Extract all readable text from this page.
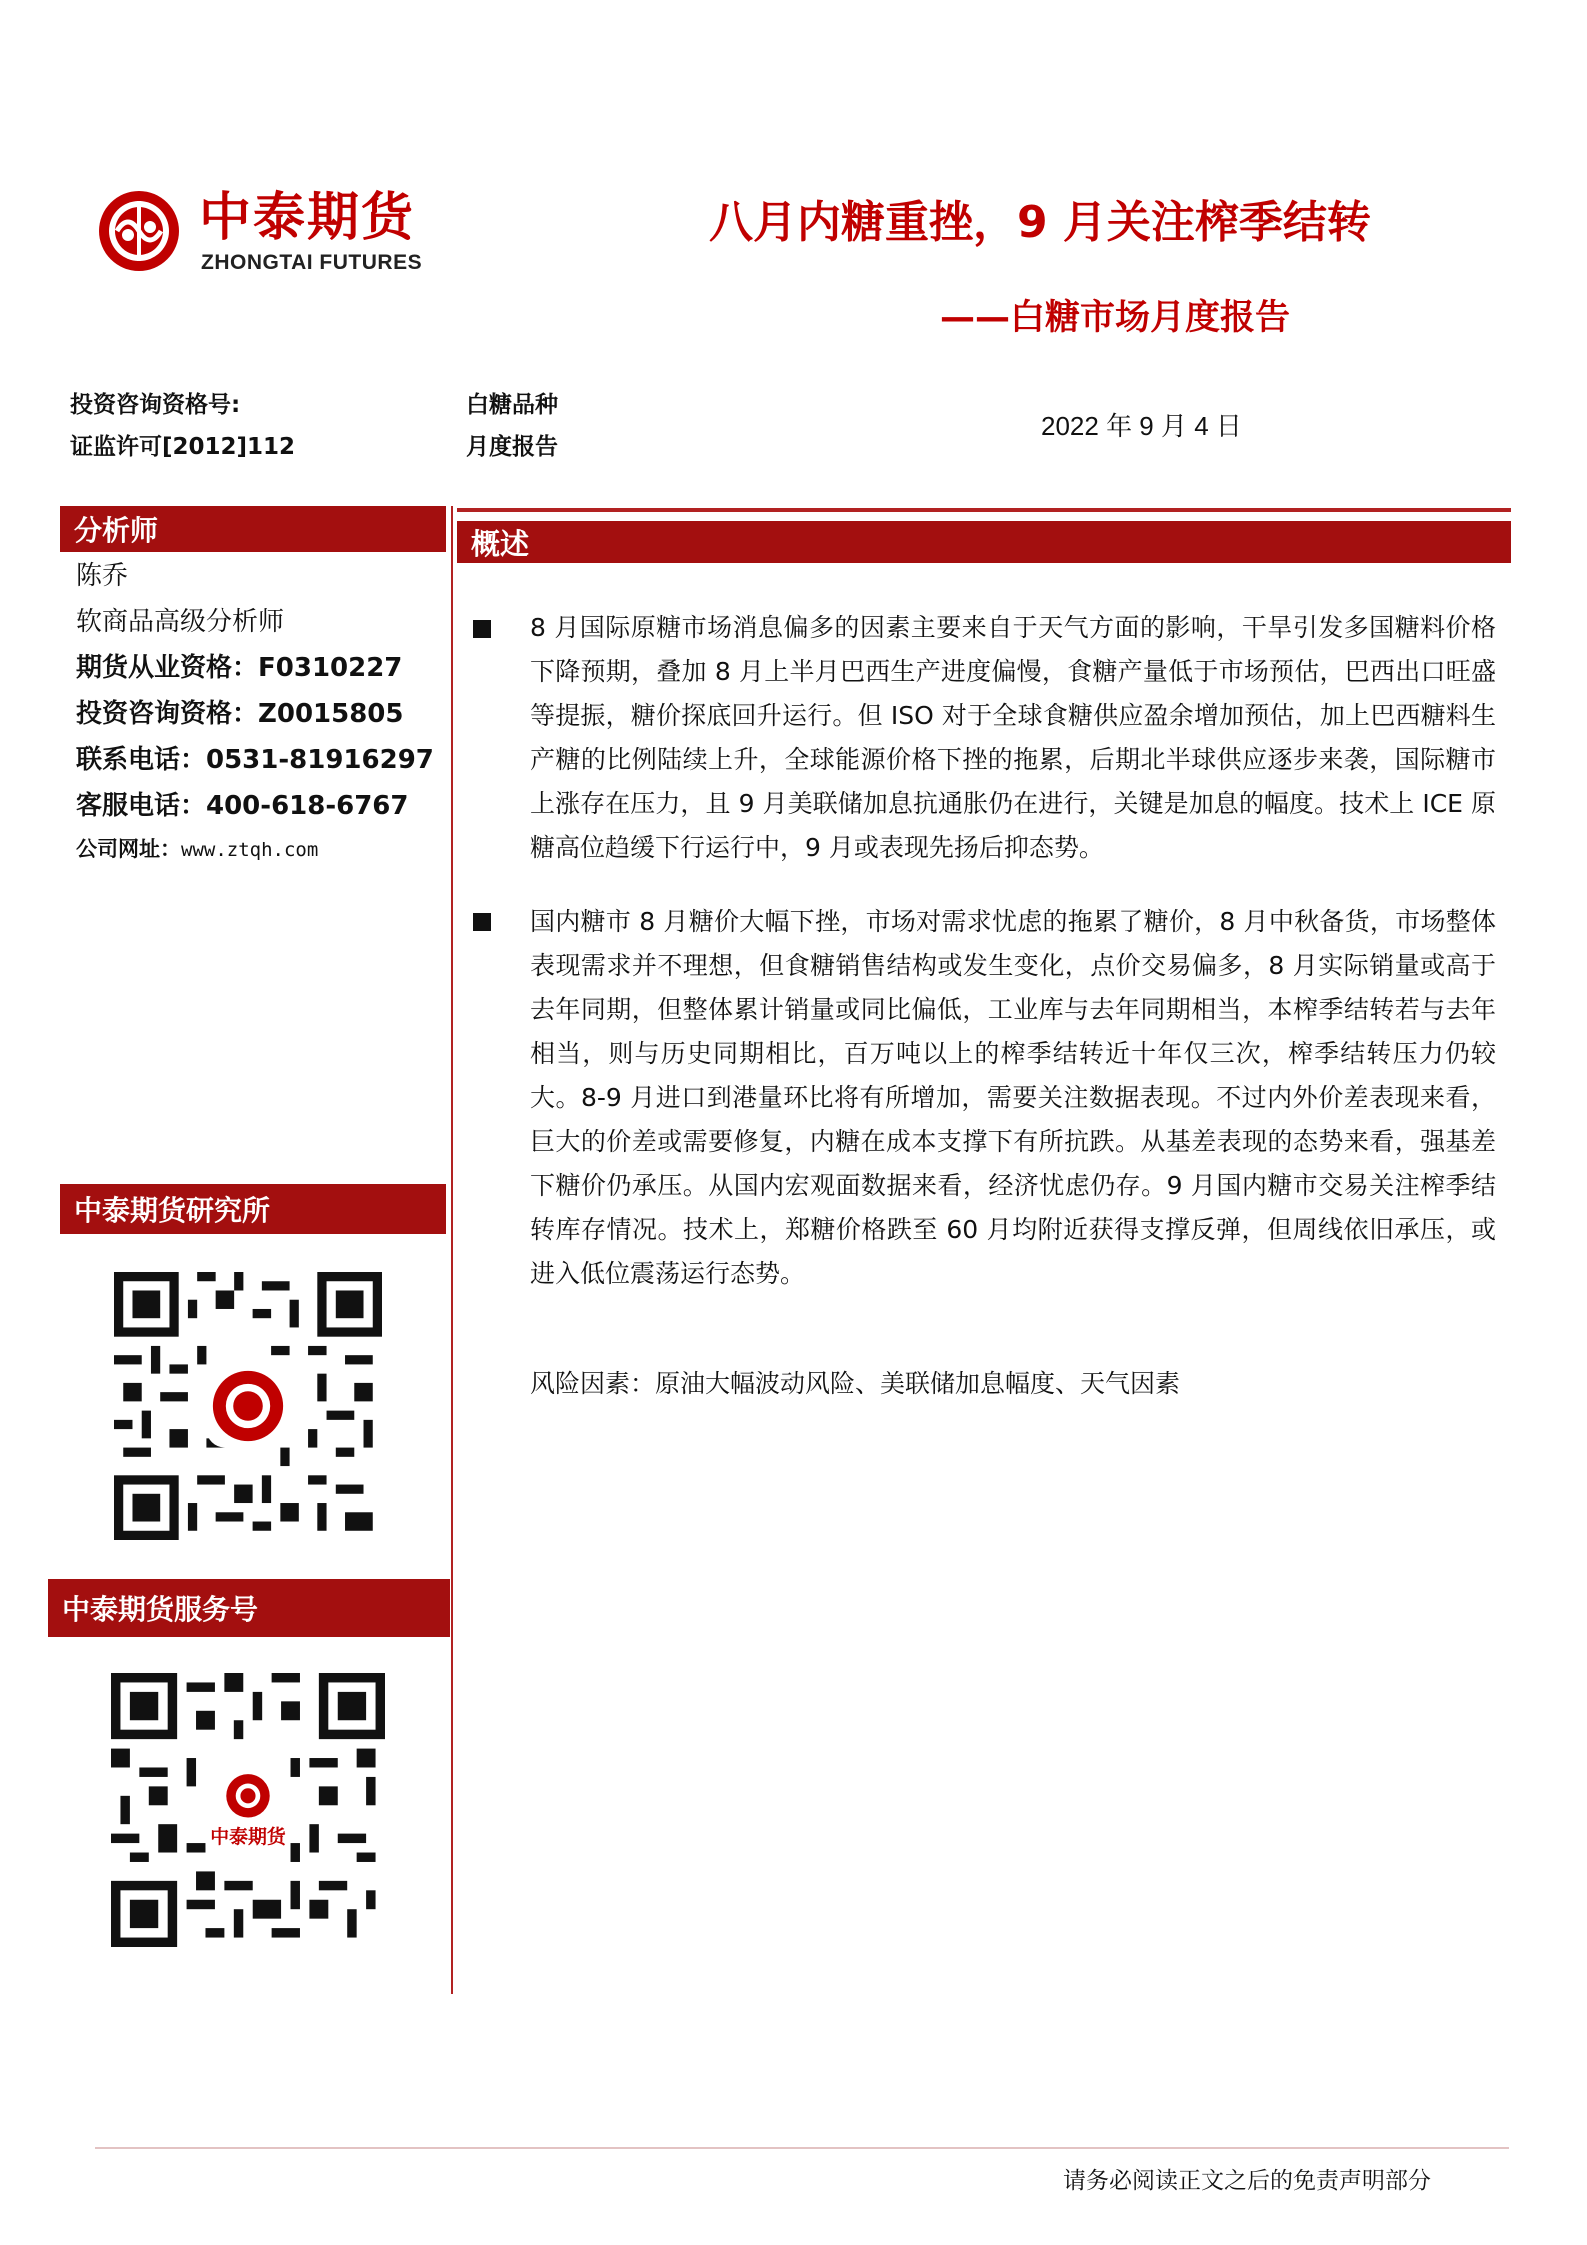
中泰期货
ZHONGTAI FUTURES
八月内糖重挫，9 月关注榨季结转
——白糖市场月度报告
投资咨询资格号:
证监许可[2012]112
白糖品种
月度报告
2022 年 9 月 4 日
分析师
陈乔
软商品高级分析师
期货从业资格：F0310227
投资咨询资格：Z0015805
联系电话：0531-81916297
客服电话：400-618-6767
公司网址：www.ztqh.com
中泰期货研究所
中泰期货服务号
中泰期货
概述
8 月国际原糖市场消息偏多的因素主要来自于天气方面的影响，干旱引发多国糖料价格下降预期，叠加 8 月上半月巴西生产进度偏慢，食糖产量低于市场预估，巴西出口旺盛等提振，糖价探底回升运行。但 ISO 对于全球食糖供应盈余增加预估，加上巴西糖料生产糖的比例陆续上升，全球能源价格下挫的拖累，后期北半球供应逐步来袭，国际糖市上涨存在压力，且 9 月美联储加息抗通胀仍在进行，关键是加息的幅度。技术上 ICE 原糖高位趋缓下行运行中，9 月或表现先扬后抑态势。
国内糖市 8 月糖价大幅下挫，市场对需求忧虑的拖累了糖价，8 月中秋备货，市场整体表现需求并不理想，但食糖销售结构或发生变化，点价交易偏多，8 月实际销量或高于去年同期，但整体累计销量或同比偏低，工业库与去年同期相当，本榨季结转若与去年相当，则与历史同期相比，百万吨以上的榨季结转近十年仅三次，榨季结转压力仍较大。8-9 月进口到港量环比将有所增加，需要关注数据表现。不过内外价差表现来看，巨大的价差或需要修复，内糖在成本支撑下有所抗跌。从基差表现的态势来看，强基差下糖价仍承压。从国内宏观面数据来看，经济忧虑仍存。9 月国内糖市交易关注榨季结转库存情况。技术上，郑糖价格跌至 60 月均附近获得支撑反弹，但周线依旧承压，或进入低位震荡运行态势。
风险因素：原油大幅波动风险、美联储加息幅度、天气因素
请务必阅读正文之后的免责声明部分
